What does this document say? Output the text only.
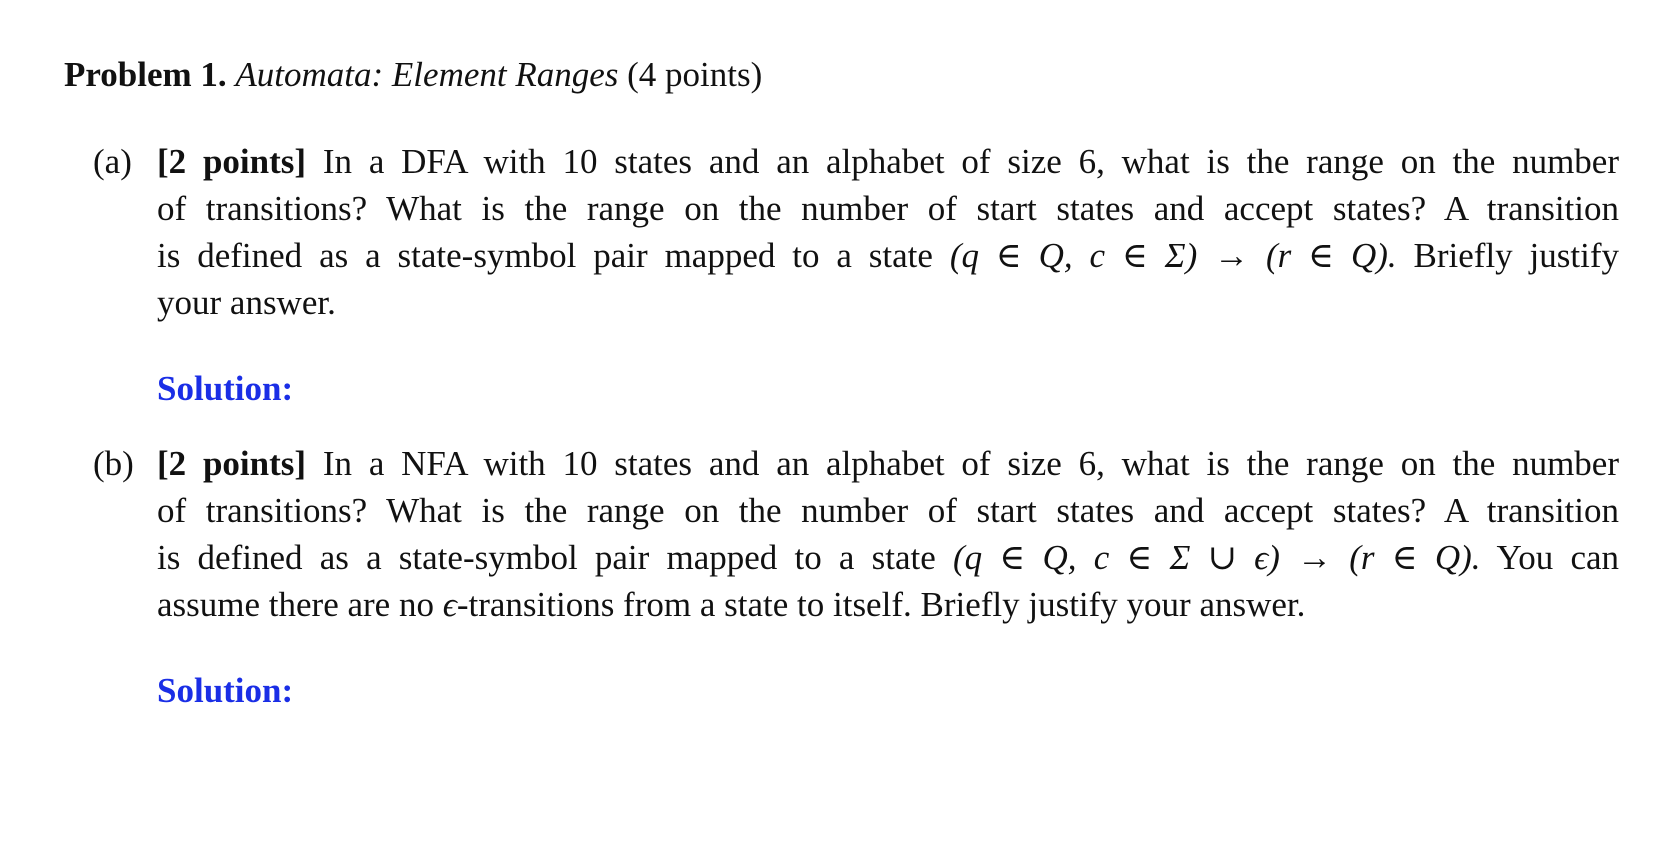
Problem 1. Automata: Element Ranges (4 points)
(a) [2 points] In a DFA with 10 states and an alphabet of size 6, what is the range on the number
of transitions? What is the range on the number of start states and accept states? A transition
is defined as a state-symbol pair mapped to a state (q ∈ Q, c ∈ Σ) → (r ∈ Q). Briefly justify
your answer.
Solution:
(b) [2 points] In a NFA with 10 states and an alphabet of size 6, what is the range on the number
of transitions? What is the range on the number of start states and accept states? A transition
is defined as a state-symbol pair mapped to a state (q ∈ Q, c ∈ Σ ∪ ϵ) → (r ∈ Q). You can
assume there are no ϵ-transitions from a state to itself. Briefly justify your answer.
Solution:
